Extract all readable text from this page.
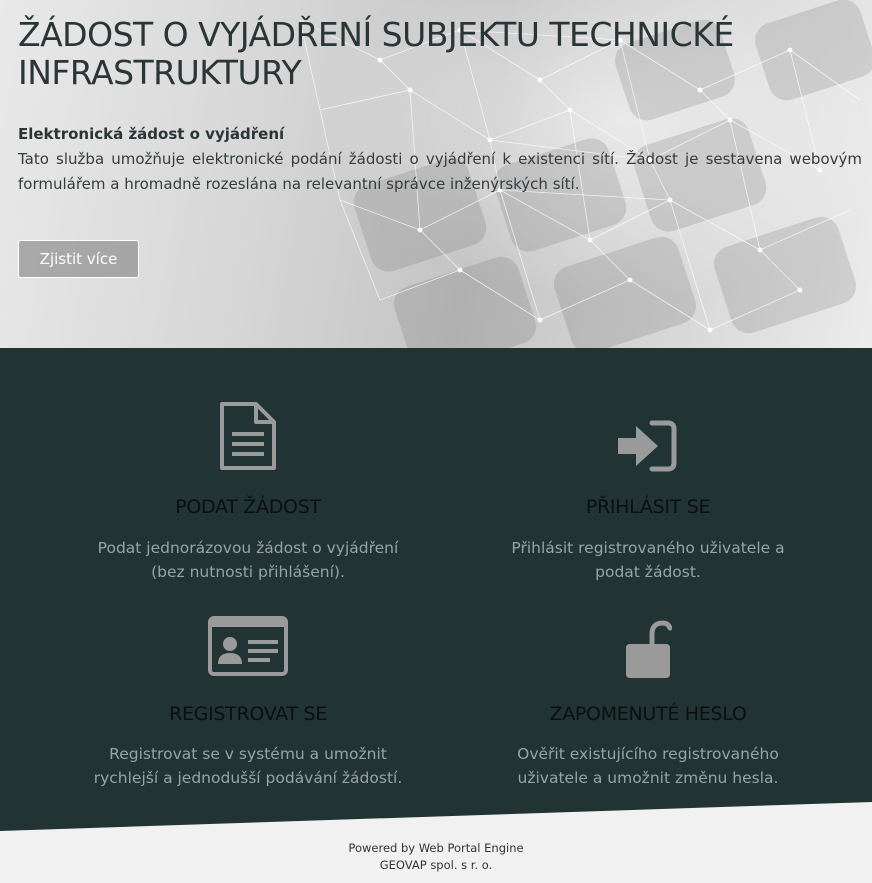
ŽÁDOST O VYJÁDŘENÍ SUBJEKTU TECHNICKÉ INFRASTRUKTURY
Elektronická žádost o vyjádření

Tato služba umožňuje elektronické podání žádosti o vyjádření k existenci sítí. Žádost je sestavena webovým formulářem a hromadně rozeslána na relevantní správce inženýrských sítí.

Zjistit více
PODAT ŽÁDOST
Podat jednorázovou žádost o vyjádření (bez nutnosti přihlášení).
PŘIHLÁSIT SE
Přihlásit registrovaného uživatele a podat žádost.
REGISTROVAT SE
Registrovat se v systému a umožnit rychlejší a jednodušší podávání žádostí.
ZAPOMENUTÉ HESLO
Ověřit existujícího registrovaného uživatele a umožnit změnu hesla.
Powered by Web Portal Engine
GEOVAP spol. s r. o.
